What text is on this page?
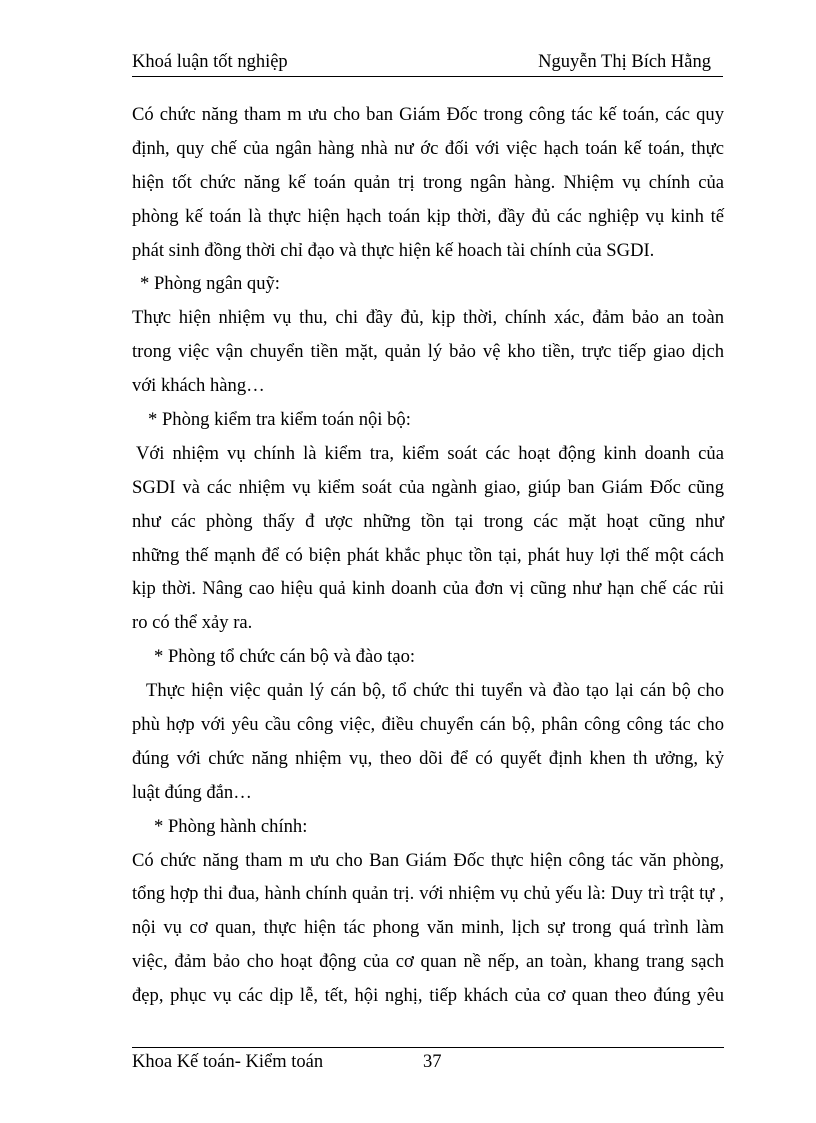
Khoá luận tốt nghiệp	Nguyễn Thị Bích Hằng
Có chức năng tham m ưu cho ban Giám Đốc trong công tác kế toán, các quy
định, quy chế của ngân hàng nhà nư ớc đối với việc hạch toán kế toán, thực
hiện tốt chức năng kế toán quản trị trong ngân hàng. Nhiệm vụ chính của
phòng kế toán là thực hiện hạch toán kịp thời, đầy đủ các nghiệp vụ kinh tế
phát sinh đồng thời chỉ đạo và thực hiện kế hoach tài chính của SGDI.
* Phòng ngân quỹ:
Thực hiện nhiệm vụ thu, chi đầy đủ, kịp thời, chính xác, đảm bảo an toàn
trong việc vận chuyển tiền mặt, quản lý bảo vệ kho tiền, trực tiếp giao dịch
với khách hàng…
* Phòng kiểm tra kiểm toán nội bộ:
Với nhiệm vụ chính là kiểm tra, kiểm soát các hoạt động kinh doanh của
SGDI và các nhiệm vụ kiểm soát của ngành giao, giúp ban Giám Đốc cũng
như các phòng thấy đ ược những tồn tại trong các mặt hoạt cũng như
những thế mạnh để có biện phát khắc phục tồn tại, phát huy lợi thế một cách
kịp thời. Nâng cao hiệu quả kinh doanh của đơn vị cũng như hạn chế các rủi
ro có thể xảy ra.
* Phòng tổ chức cán bộ và đào tạo:
Thực hiện việc quản lý cán bộ, tổ chức thi tuyển và đào tạo lại cán bộ cho
phù hợp với yêu cầu công việc, điều chuyển cán bộ, phân công công tác cho
đúng với chức năng nhiệm vụ, theo dõi để có quyết định khen th ưởng, kỷ
luật đúng đắn…
* Phòng hành chính:
Có chức năng tham m ưu cho Ban Giám Đốc thực hiện công tác văn phòng,
tổng hợp thi đua, hành chính quản trị. với nhiệm vụ chủ yếu là: Duy trì trật tự ,
nội vụ cơ quan, thực hiện tác phong văn minh, lịch sự trong quá trình làm
việc, đảm bảo cho hoạt động của cơ quan nề nếp, an toàn, khang trang sạch
đẹp, phục vụ các dịp lễ, tết, hội nghị, tiếp khách của cơ quan theo đúng yêu
Khoa Kế toán- Kiểm toán	37
